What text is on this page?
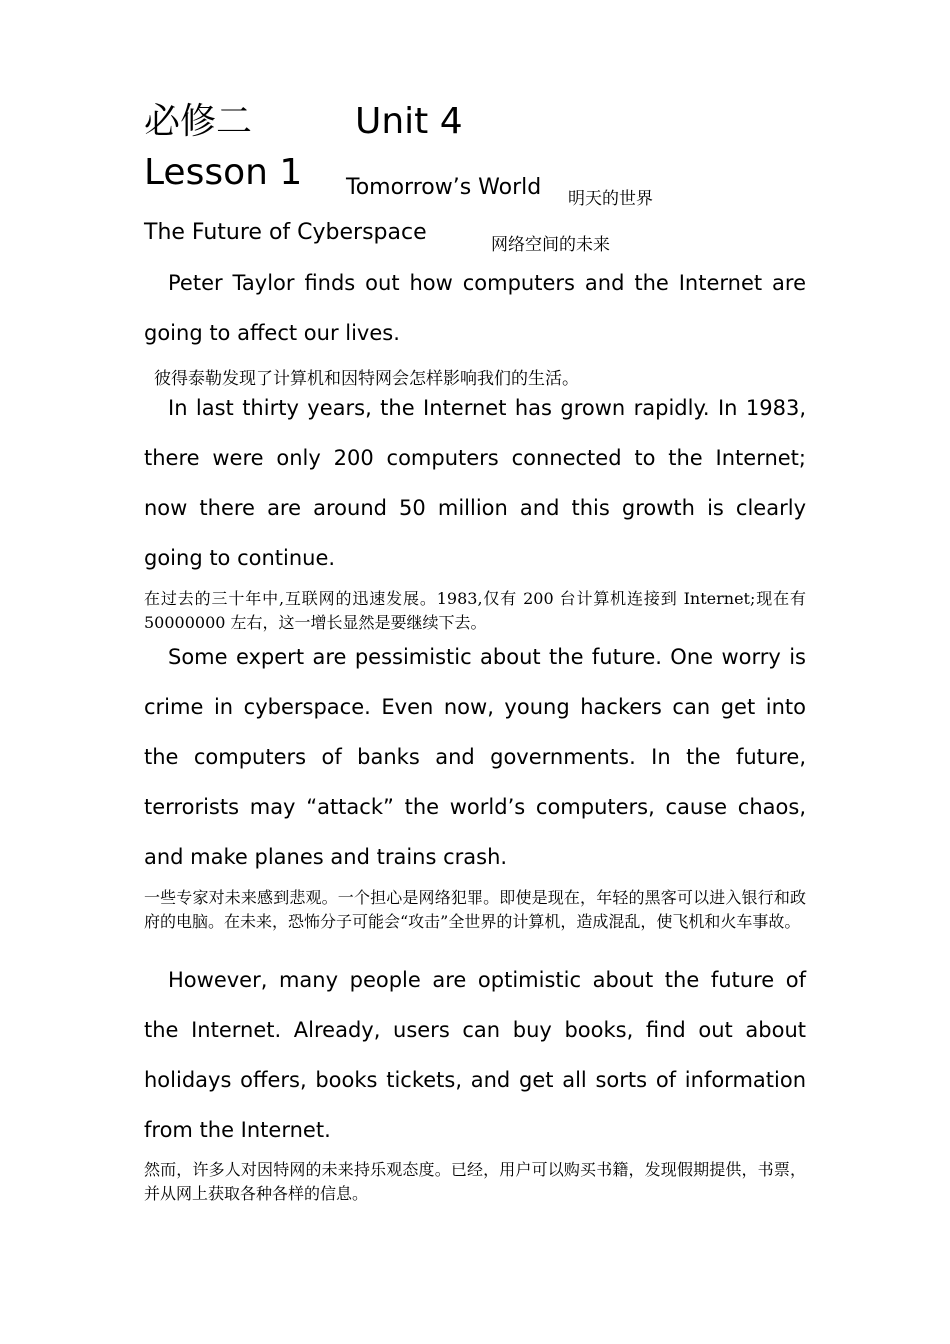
必修二	Unit 4
Lesson 1 Tomorrow’s World 明天的世界
The Future of Cyberspace	网络空间的未来

Peter Taylor finds out how computers and the Internet are going to affect our lives.

彼得泰勒发现了计算机和因特网会怎样影响我们的生活。

In last thirty years, the Internet has grown rapidly. In 1983, there were only 200 computers connected to the Internet; now there are around 50 million and this growth is clearly going to continue.

在过去的三十年中,互联网的迅速发展。1983,仅有 200 台计算机连接到 Internet;现在有 50000000 左右，这一增长显然是要继续下去。

Some expert are pessimistic about the future. One worry is crime in cyberspace. Even now, young hackers can get into the computers of banks and governments. In the future, terrorists may “attack” the world’s computers, cause chaos, and make planes and trains crash.

一些专家对未来感到悲观。一个担心是网络犯罪。即使是现在，年轻的黑客可以进入银行和政府的电脑。在未来，恐怖分子可能会“攻击”全世界的计算机，造成混乱，使飞机和火车事故。

However, many people are optimistic about the future of the Internet. Already, users can buy books, find out about holidays offers, books tickets, and get all sorts of information from the Internet.

然而，许多人对因特网的未来持乐观态度。已经，用户可以购买书籍，发现假期提供，书票，并从网上获取各种各样的信息。
